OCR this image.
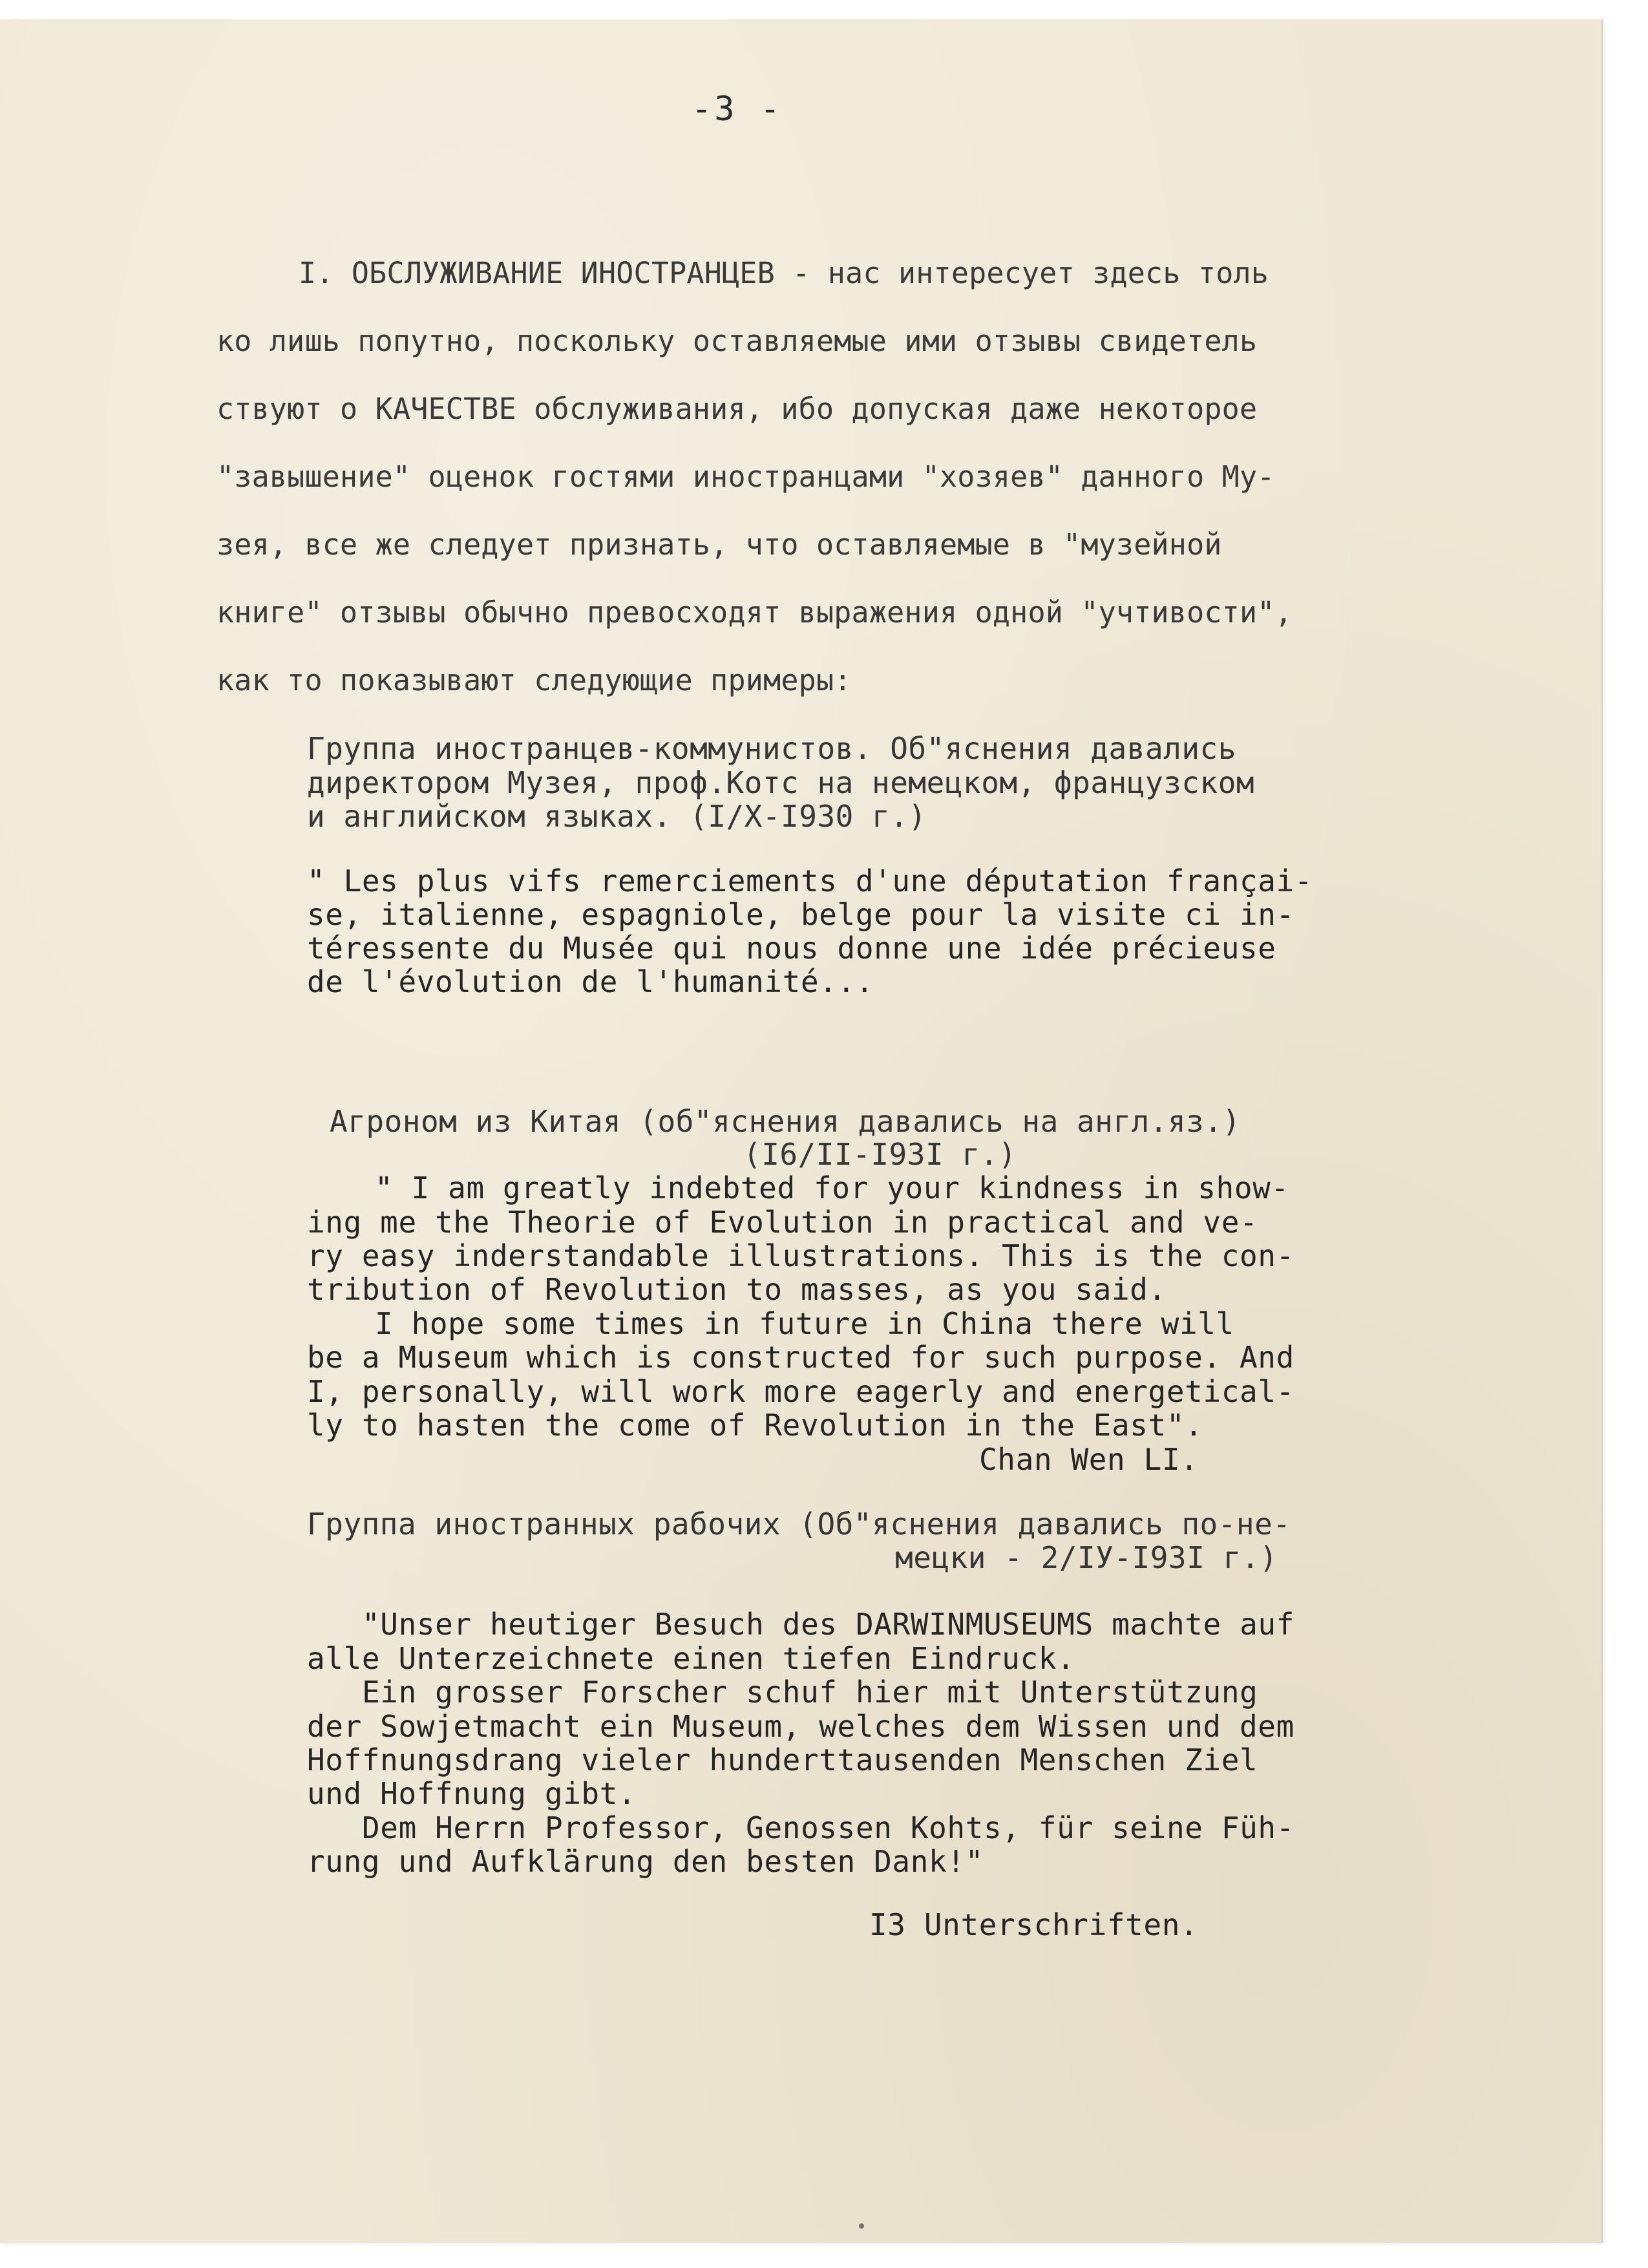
-3 -
I. ОБСЛУЖИВАНИЕ ИНОСТРАНЦЕВ - нас интересует здесь толь
ко лишь попутно, поскольку оставляемые ими отзывы свидетель
ствуют о КАЧЕСТВЕ обслуживания, ибо допуская даже некоторое
"завышение" оценок гостями иностранцами "хозяев" данного Му-
зея, все же следует признать, что оставляемые в "музейной
книге" отзывы обычно превосходят выражения одной "учтивости",
как то показывают следующие примеры:
Группа иностранцев-коммунистов. Об"яснения давались
директором Музея, проф.Котс на немецком, французском
и английском языках. (I/X-I930 г.)
" Les plus vifs remerciements d'une députation françai-
se, italienne, espagniole, belge pour la visite ci in-
téressente du Musée qui nous donne une idée précieuse
de l'évolution de l'humanité...
Агроном из Китая (об"яснения давались на англ.яз.)
(I6/II-I93I г.)
" I am greatly indebted for your kindness in show-
ing me the Theorie of Evolution in practical and ve-
ry easy inderstandable illustrations. This is the con-
tribution of Revolution to masses, as you said.
I hope some times in future in China there will
be a Museum which is constructed for such purpose. And
I, personally, will work more eagerly and energetical-
ly to hasten the come of Revolution in the East".
Chan Wen LI.
Группа иностранных рабочих (Об"яснения давались по-не-
мецки - 2/IУ-I93I г.)
"Unser heutiger Besuch des DARWINMUSEUMS machte auf
alle Unterzeichnete einen tiefen Eindruck.
Ein grosser Forscher schuf hier mit Unterstützung
der Sowjetmacht ein Museum, welches dem Wissen und dem
Hoffnungsdrang vieler hunderttausenden Menschen Ziel
und Hoffnung gibt.
Dem Herrn Professor, Genossen Kohts, für seine Füh-
rung und Aufklärung den besten Dank!"
I3 Unterschriften.
